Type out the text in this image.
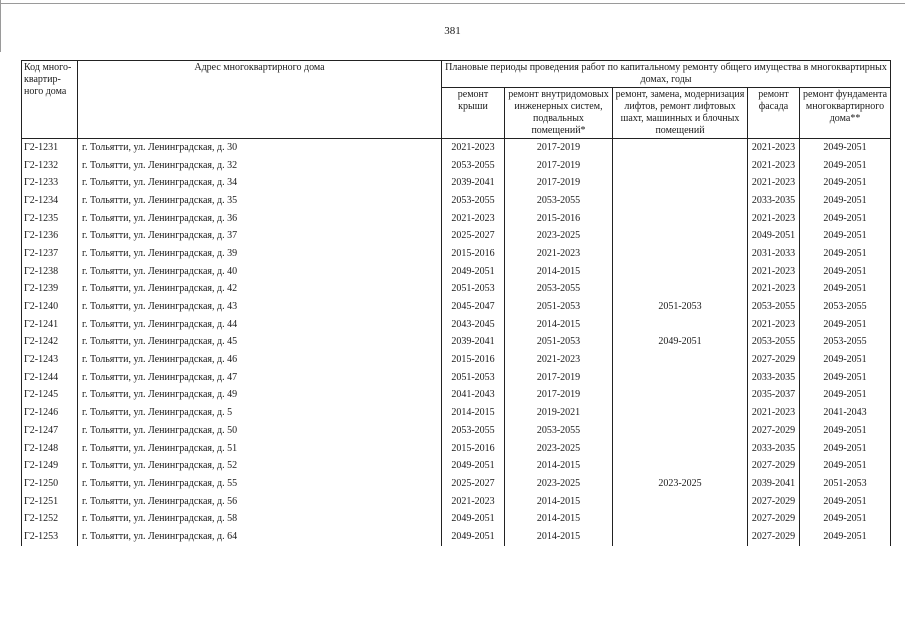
381
Код много-квартир-ного дома	Адрес многоквартирного дома	Плановые периоды проведения работ по капитальному ремонту общего имущества в многоквартирных домах, годы				
		ремонт крыши	ремонт внутридомовых инженерных систем, подвальных помещений*	ремонт, замена, модернизация лифтов, ремонт лифтовых шахт, машинных и блочных помещений	ремонт фасада	ремонт фундамента многоквартирного дома**
Г2-1231	г. Тольятти, ул. Ленинградская, д. 30	2021-2023	2017-2019		2021-2023	2049-2051
Г2-1232	г. Тольятти, ул. Ленинградская, д. 32	2053-2055	2017-2019		2021-2023	2049-2051
Г2-1233	г. Тольятти, ул. Ленинградская, д. 34	2039-2041	2017-2019		2021-2023	2049-2051
Г2-1234	г. Тольятти, ул. Ленинградская, д. 35	2053-2055	2053-2055		2033-2035	2049-2051
Г2-1235	г. Тольятти, ул. Ленинградская, д. 36	2021-2023	2015-2016		2021-2023	2049-2051
Г2-1236	г. Тольятти, ул. Ленинградская, д. 37	2025-2027	2023-2025		2049-2051	2049-2051
Г2-1237	г. Тольятти, ул. Ленинградская, д. 39	2015-2016	2021-2023		2031-2033	2049-2051
Г2-1238	г. Тольятти, ул. Ленинградская, д. 40	2049-2051	2014-2015		2021-2023	2049-2051
Г2-1239	г. Тольятти, ул. Ленинградская, д. 42	2051-2053	2053-2055		2021-2023	2049-2051
Г2-1240	г. Тольятти, ул. Ленинградская, д. 43	2045-2047	2051-2053	2051-2053	2053-2055	2053-2055
Г2-1241	г. Тольятти, ул. Ленинградская, д. 44	2043-2045	2014-2015		2021-2023	2049-2051
Г2-1242	г. Тольятти, ул. Ленинградская, д. 45	2039-2041	2051-2053	2049-2051	2053-2055	2053-2055
Г2-1243	г. Тольятти, ул. Ленинградская, д. 46	2015-2016	2021-2023		2027-2029	2049-2051
Г2-1244	г. Тольятти, ул. Ленинградская, д. 47	2051-2053	2017-2019		2033-2035	2049-2051
Г2-1245	г. Тольятти, ул. Ленинградская, д. 49	2041-2043	2017-2019		2035-2037	2049-2051
Г2-1246	г. Тольятти, ул. Ленинградская, д. 5	2014-2015	2019-2021		2021-2023	2041-2043
Г2-1247	г. Тольятти, ул. Ленинградская, д. 50	2053-2055	2053-2055		2027-2029	2049-2051
Г2-1248	г. Тольятти, ул. Ленинградская, д. 51	2015-2016	2023-2025		2033-2035	2049-2051
Г2-1249	г. Тольятти, ул. Ленинградская, д. 52	2049-2051	2014-2015		2027-2029	2049-2051
Г2-1250	г. Тольятти, ул. Ленинградская, д. 55	2025-2027	2023-2025	2023-2025	2039-2041	2051-2053
Г2-1251	г. Тольятти, ул. Ленинградская, д. 56	2021-2023	2014-2015		2027-2029	2049-2051
Г2-1252	г. Тольятти, ул. Ленинградская, д. 58	2049-2051	2014-2015		2027-2029	2049-2051
Г2-1253	г. Тольятти, ул. Ленинградская, д. 64	2049-2051	2014-2015		2027-2029	2049-2051
